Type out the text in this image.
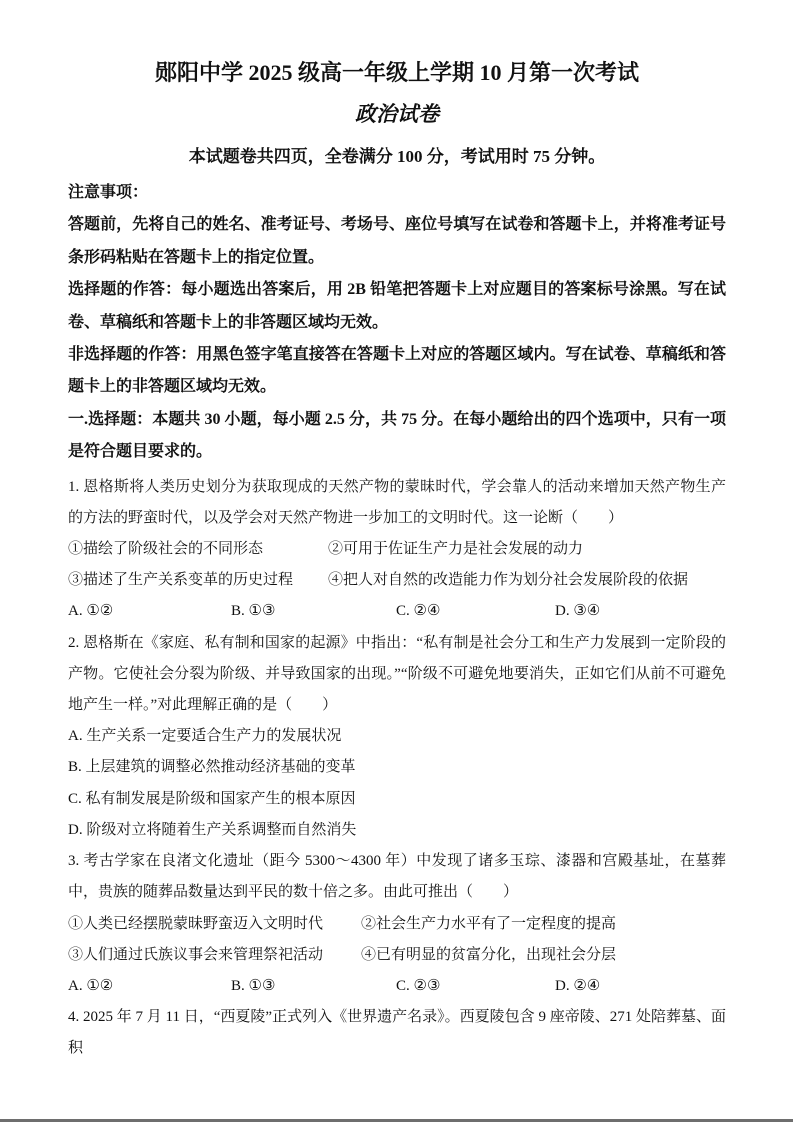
郧阳中学 2025 级高一年级上学期 10 月第一次考试
政治试卷
本试题卷共四页，全卷满分 100 分，考试用时 75 分钟。

注意事项：

答题前，先将自己的姓名、准考证号、考场号、座位号填写在试卷和答题卡上，并将准考证号条形码粘贴在答题卡上的指定位置。

选择题的作答：每小题选出答案后，用 2B 铅笔把答题卡上对应题目的答案标号涂黑。写在试卷、草稿纸和答题卡上的非答题区域均无效。

非选择题的作答：用黑色签字笔直接答在答题卡上对应的答题区域内。写在试卷、草稿纸和答题卡上的非答题区域均无效。

一.选择题：本题共 30 小题，每小题 2.5 分，共 75 分。在每小题给出的四个选项中，只有一项是符合题目要求的。

1. 恩格斯将人类历史划分为获取现成的天然产物的蒙昧时代，学会靠人的活动来增加天然产物生产的方法的野蛮时代，以及学会对天然产物进一步加工的文明时代。这一论断（　　）

①描绘了阶级社会的不同形态	②可用于佐证生产力是社会发展的动力

③描述了生产关系变革的历史过程	④把人对自然的改造能力作为划分社会发展阶段的依据

A. ①②	B. ①③	C. ②④	D. ③④

2. 恩格斯在《家庭、私有制和国家的起源》中指出：“私有制是社会分工和生产力发展到一定阶段的产物。它使社会分裂为阶级、并导致国家的出现。”“阶级不可避免地要消失，正如它们从前不可避免地产生一样。”对此理解正确的是（　　）

A. 生产关系一定要适合生产力的发展状况

B. 上层建筑的调整必然推动经济基础的变革

C. 私有制发展是阶级和国家产生的根本原因

D. 阶级对立将随着生产关系调整而自然消失

3. 考古学家在良渚文化遗址（距今 5300～4300 年）中发现了诸多玉琮、漆器和宫殿基址，在墓葬中，贵族的随葬品数量达到平民的数十倍之多。由此可推出（　　）

①人类已经摆脱蒙昧野蛮迈入文明时代	②社会生产力水平有了一定程度的提高

③人们通过氏族议事会来管理祭祀活动	④已有明显的贫富分化，出现社会分层

A. ①②	B. ①③	C. ②③	D. ②④

4. 2025 年 7 月 11 日，“西夏陵”正式列入《世界遗产名录》。西夏陵包含 9 座帝陵、271 处陪葬墓、面积
